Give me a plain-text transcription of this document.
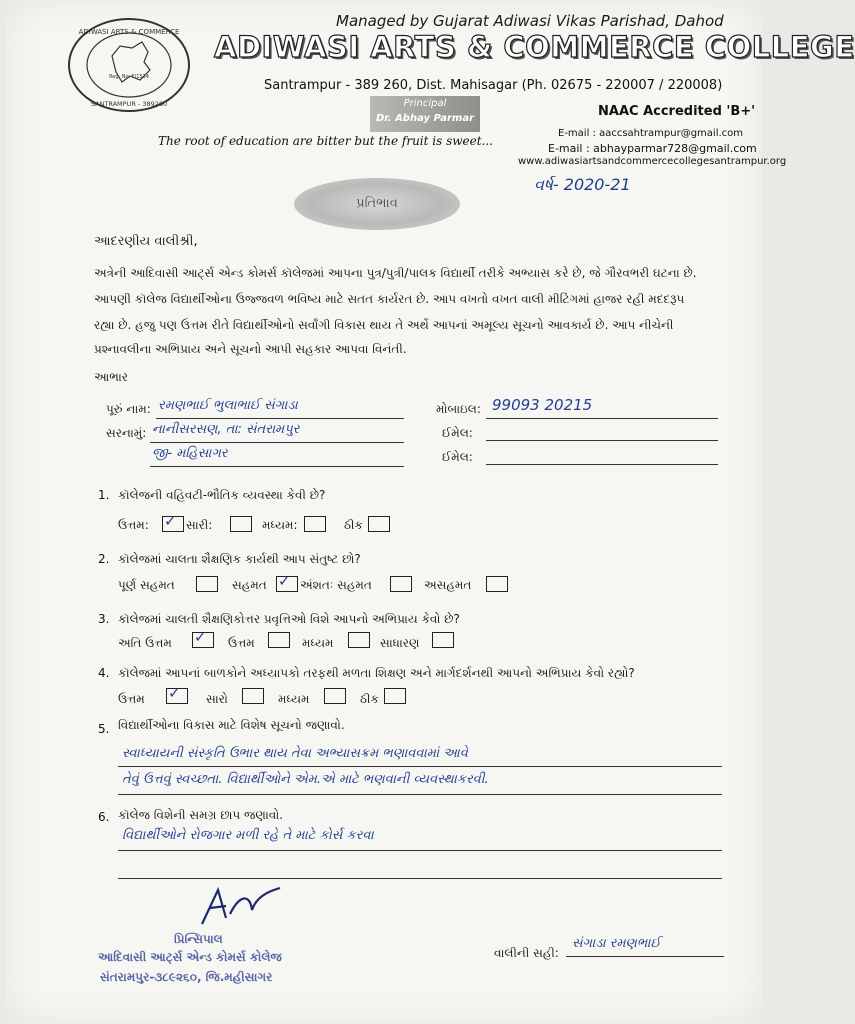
ADIWASI ARTS & COMMERCE
SANTRAMPUR - 389260
Reg. No. F/1534
Managed by Gujarat Adiwasi Vikas Parishad, Dahod
ADIWASI ARTS & COMMERCE COLLEGE
Santrampur - 389 260, Dist. Mahisagar (Ph. 02675 - 220007 / 220008)
Principal
Dr. Abhay Parmar	NAAC Accredited 'B+'
The root of education are bitter but the fruit is sweet...
E-mail : aaccsahtrampur@gmail.com
E-mail : abhayparmar728@gmail.com
www.adiwasiartsandcommercecollegesantrampur.org
પ્રતિભાવ
વર્ષ- 2020-21
આદરણીય વાલીશ્રી,
અત્રેની આદિવાસી આર્ટ્સ એન્ડ કોમર્સ કૉલેજમાં આપના પુત્ર/પુત્રી/પાલક વિદ્યાર્થી તરીકે અભ્યાસ કરે છે, જે ગૌરવભરી ઘટના છે.
આપણી કૉલેજ વિદ્યાર્થીઓના ઉજ્જવળ ભવિષ્ય માટે સતત કાર્યરત છે. આપ વખતો વખત વાલી મીટિંગમાં હાજર રહી મદદરૂપ
રહ્યા છે. હજુ પણ ઉત્તમ રીતે વિદ્યાર્થીઓનો સર્વાંગી વિકાસ થાય તે અર્થે આપનાં અમૂલ્ય સૂચનો આવકાર્ય છે. આપ નીચેની
પ્રશ્નાવલીના અભિપ્રાય અને સૂચનો આપી સહકાર આપવા વિનંતી.
આભાર
પૂરું નામ: રમણભાઈ ભુલાભાઈ સંગાડા	મોબાઇલ: 99093 20215
સરનામું: નાનીસરસણ, તા: સંતરામપુર
જી- મહિસાગર
ઈમેલ:
ઈમેલ:
1. કૉલેજની વહિવટી-ભૌતિક વ્યવસ્થા કેવી છે?
ઉત્તમ: ✓ સારી:	મધ્યમ:	ઠીક
2. કૉલેજમાં ચાલતા શૈક્ષણિક કાર્યથી આપ સંતુષ્ટ છો?
પૂર્ણ સહમત	સહમત ✓ અંશતઃ સહમત	અસહમત
3. કૉલેજમાં ચાલતી શૈક્ષણિકોત્તર પ્રવૃત્તિઓ વિશે આપનો અભિપ્રાય કેવો છે?
અતિ ઉત્તમ ✓ ઉત્તમ	મધ્યમ	સાધારણ
4. કૉલેજમાં આપનાં બાળકોને અધ્યાપકો તરફથી મળતા શિક્ષણ અને માર્ગદર્શનથી આપનો અભિપ્રાય કેવો રહ્યો?
ઉત્તમ ✓ સારો	મધ્યમ	ઠીક
5. વિદ્યાર્થીઓના વિકાસ માટે વિશેષ સૂચનો જણાવો.
સ્વાધ્યાયની સંસ્કૃતિ ઉભાર થાય તેવા અભ્યાસક્રમ ભણાવવામાં આવે
તેવું ઉત્તવું સ્વચ્છતા. વિદ્યાર્થીઓને એમ.એ માટે ભણવાની વ્યવસ્થાકરવી.
6. કૉલેજ વિશેની સમગ્ર છાપ જણાવો.
વિદ્યાર્થીઓને રોજગાર મળી રહે તે માટે કોર્સ કરવા
પ્રિન્સિપાલ
આદિવાસી આર્ટ્સ એન્ડ કોમર્સ કોલેજ
સંતરામપુર-૩૮૯૨૬૦, જિ.મહીસાગર
વાલીની સહી:
સંગાડા રમણભાઈ
